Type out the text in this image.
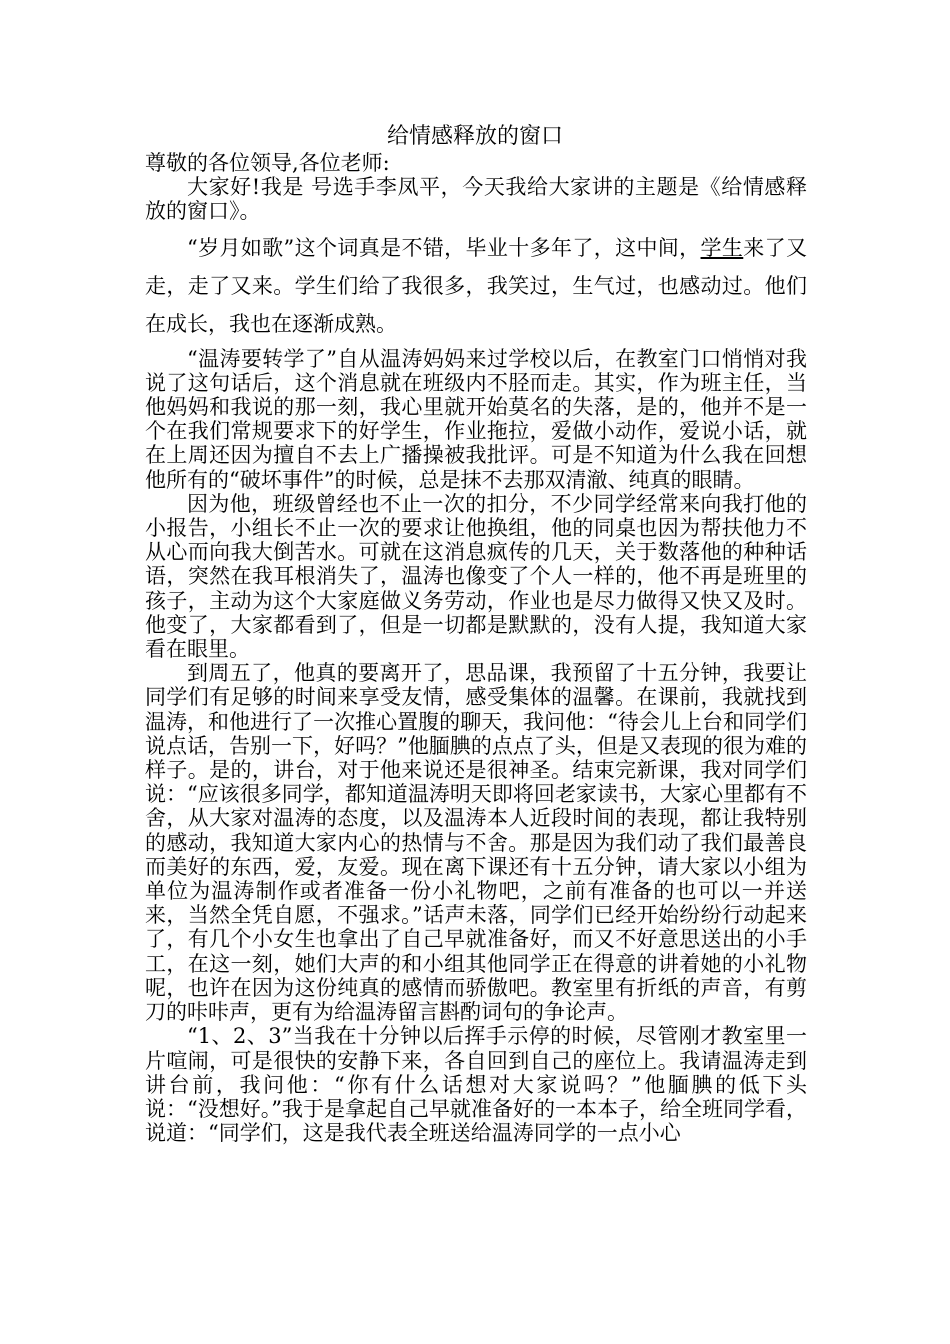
给情感释放的窗口

尊敬的各位领导,各位老师:

大家好!我是 号选手李凤平，今天我给大家讲的主题是《给情感释放的窗口》。

“岁月如歌”这个词真是不错，毕业十多年了，这中间，学生来了又走，走了又来。学生们给了我很多，我笑过，生气过，也感动过。他们在成长，我也在逐渐成熟。

“温涛要转学了”自从温涛妈妈来过学校以后，在教室门口悄悄对我说了这句话后，这个消息就在班级内不胫而走。其实，作为班主任，当他妈妈和我说的那一刻，我心里就开始莫名的失落，是的，他并不是一个在我们常规要求下的好学生，作业拖拉，爱做小动作，爱说小话，就在上周还因为擅自不去上广播操被我批评。可是不知道为什么我在回想他所有的“破坏事件”的时候，总是抹不去那双清澈、纯真的眼睛。

因为他，班级曾经也不止一次的扣分，不少同学经常来向我打他的小报告，小组长不止一次的要求让他换组，他的同桌也因为帮扶他力不从心而向我大倒苦水。可就在这消息疯传的几天，关于数落他的种种话语，突然在我耳根消失了，温涛也像变了个人一样的，他不再是班里的孩子，主动为这个大家庭做义务劳动，作业也是尽力做得又快又及时。他变了，大家都看到了，但是一切都是默默的，没有人提，我知道大家看在眼里。

到周五了，他真的要离开了，思品课，我预留了十五分钟，我要让同学们有足够的时间来享受友情，感受集体的温馨。在课前，我就找到温涛，和他进行了一次推心置腹的聊天，我问他：“待会儿上台和同学们说点话，告别一下，好吗？”他腼腆的点点了头，但是又表现的很为难的样子。是的，讲台，对于他来说还是很神圣。结束完新课，我对同学们说：“应该很多同学，都知道温涛明天即将回老家读书，大家心里都有不舍，从大家对温涛的态度，以及温涛本人近段时间的表现，都让我特别的感动，我知道大家内心的热情与不舍。那是因为我们动了我们最善良而美好的东西，爱，友爱。现在离下课还有十五分钟，请大家以小组为单位为温涛制作或者准备一份小礼物吧，之前有准备的也可以一并送来，当然全凭自愿，不强求。”话声未落，同学们已经开始纷纷行动起来了，有几个小女生也拿出了自己早就准备好，而又不好意思送出的小手工，在这一刻，她们大声的和小组其他同学正在得意的讲着她的小礼物呢，也许在因为这份纯真的感情而骄傲吧。教室里有折纸的声音，有剪刀的咔咔声，更有为给温涛留言斟酌词句的争论声。

“1、2、3”当我在十分钟以后挥手示停的时候，尽管刚才教室里一片喧闹，可是很快的安静下来，各自回到自己的座位上。我请温涛走到讲台前，我问他：“你有什么话想对大家说吗？”他腼腆的低下头说：“没想好。”我于是拿起自己早就准备好的一本本子，给全班同学看，说道：“同学们，这是我代表全班送给温涛同学的一点小心
